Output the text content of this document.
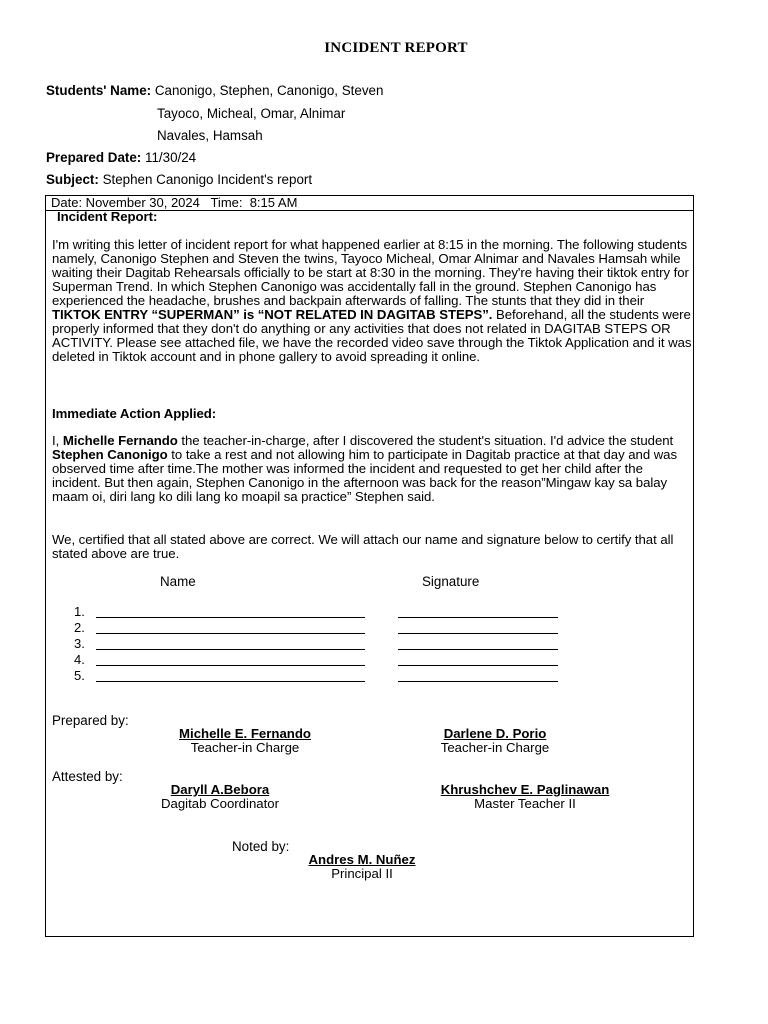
INCIDENT REPORT
Students' Name: Canonigo, Stephen, Canonigo, Steven
Tayoco, Micheal, Omar, Alnimar
Navales, Hamsah
Prepared Date: 11/30/24
Subject: Stephen Canonigo Incident's report
Date: November 30, 2024   Time:  8:15 AM
Incident Report:

I'm writing this letter of incident report for what happened earlier at 8:15 in the morning. The following students namely, Canonigo Stephen and Steven the twins, Tayoco Micheal, Omar Alnimar and Navales Hamsah while waiting their Dagitab Rehearsals officially to be start at 8:30 in the morning. They're having their tiktok entry for Superman Trend. In which Stephen Canonigo was accidentally fall in the ground. Stephen Canonigo has experienced the headache, brushes and backpain afterwards of falling. The stunts that they did in their TIKTOK ENTRY “SUPERMAN” is “NOT RELATED IN DAGITAB STEPS”. Beforehand, all the students were properly informed that they don't do anything or any activities that does not related in DAGITAB STEPS OR ACTIVITY. Please see attached file, we have the recorded video save through the Tiktok Application and it was deleted in Tiktok account and in phone gallery to avoid spreading it online.

Immediate Action Applied:

I, Michelle Fernando the teacher-in-charge, after I discovered the student's situation. I'd advice the student Stephen Canonigo to take a rest and not allowing him to participate in Dagitab practice at that day and was observed time after time.The mother was informed the incident and requested to get her child after the incident. But then again, Stephen Canonigo in the afternoon was back for the reason”Mingaw kay sa balay maam oi, diri lang ko dili lang ko moapil sa practice” Stephen said.

We, certified that all stated above are correct. We will attach our name and signature below to certify that all stated above are true.

Name	Signature
1.
2.
3.
4.
5.
Prepared by:
Michelle E. Fernando
Teacher-in Charge
Darlene D. Porio
Teacher-in Charge
Attested by:
Daryll A.Bebora
Dagitab Coordinator
Khrushchev E. Paglinawan
Master Teacher II
Noted by:
Andres M. Nuñez
Principal II
